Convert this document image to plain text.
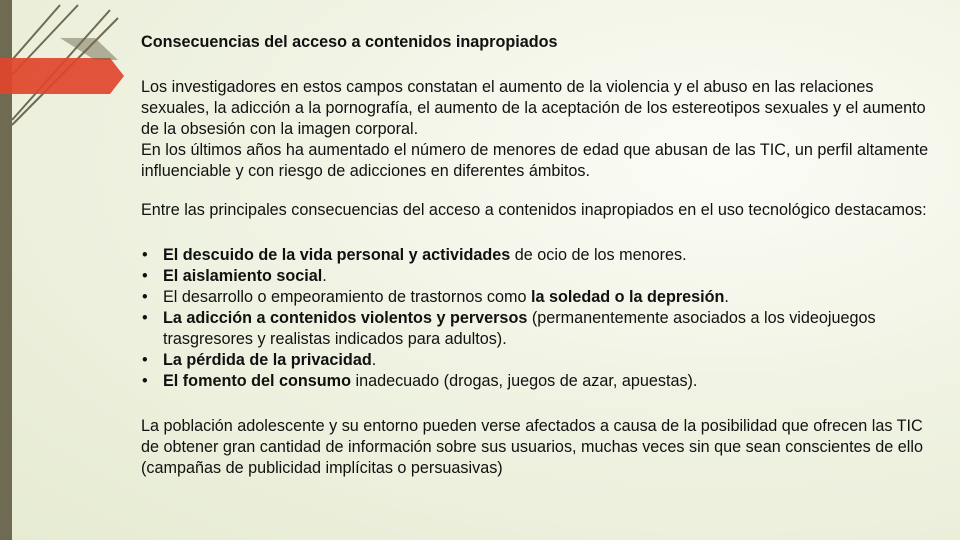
Consecuencias del acceso a contenidos inapropiados

Los investigadores en estos campos constatan el aumento de la violencia y el abuso en las relaciones sexuales, la adicción a la pornografía, el aumento de la aceptación de los estereotipos sexuales y el aumento de la obsesión con la imagen corporal.

En los últimos años ha aumentado el número de menores de edad que abusan de las TIC, un perfil altamente influenciable y con riesgo de adicciones en diferentes ámbitos.

Entre las principales consecuencias del acceso a contenidos inapropiados en el uso tecnológico destacamos:

• El descuido de la vida personal y actividades de ocio de los menores.
• El aislamiento social.
• El desarrollo o empeoramiento de trastornos como la soledad o la depresión.
• La adicción a contenidos violentos y perversos (permanentemente asociados a los videojuegos trasgresores y realistas indicados para adultos).
• La pérdida de la privacidad.
• El fomento del consumo inadecuado (drogas, juegos de azar, apuestas).

La población adolescente y su entorno pueden verse afectados a causa de la posibilidad que ofrecen las TIC de obtener gran cantidad de información sobre sus usuarios, muchas veces sin que sean conscientes de ello (campañas de publicidad implícitas o persuasivas)
